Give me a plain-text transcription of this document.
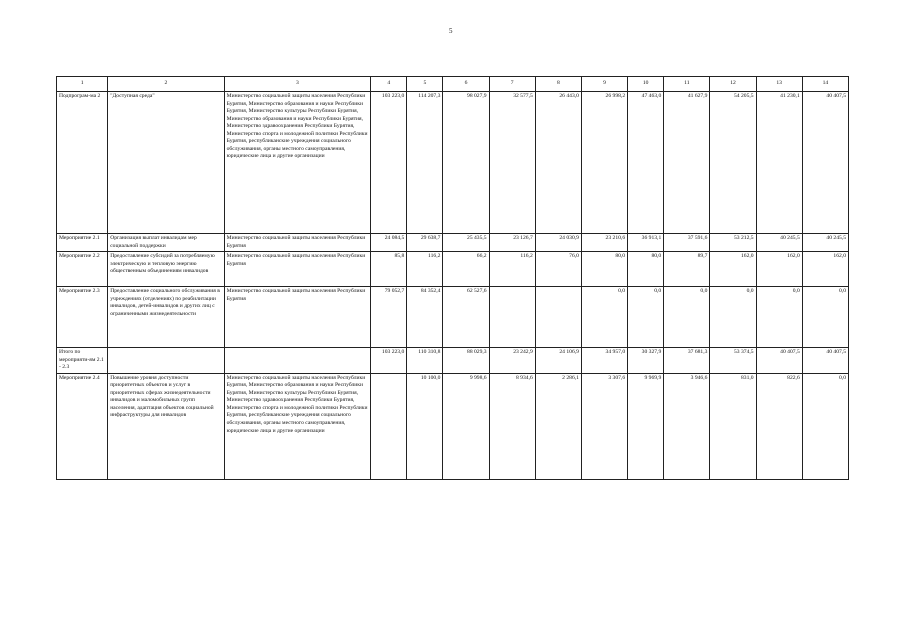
5
1	2	3	4	5	6	7	8	9	10	11	12	13	14
Подпрограм-ма 2	"Доступная среда"	Министерство социальной защиты населения Республики Бурятия, Министерство образования и науки Республики Бурятия, Министерство культуры Республики Бурятия, Министерство образования и науки Республики Бурятия, Министерство здравоохранения Республики Бурятия, Министерство спорта и молодежной политики Республики Бурятия, республиканские учреждения социального обслуживания, органы местного самоуправления, юридические лица и другие организации	103 223,0	114 207,3	98 027,9	32 577,5	26 443,0	26 998,2	47 463,0	41 627,9	54 205,5	41 230,1	40 407,5
Мероприятие 2.1	Организация выплат инвалидам мер социальной поддержки	Министерство социальной защиты населения Республики Бурятия	24 084,5	29 638,7	25 435,5	23 126,7	24 030,9	23 210,6	36 913,1	37 591,6	53 212,5	40 245,5	40 245,5
Мероприятие 2.2	Предоставление субсидий за потребляемую электрическую и тепловую энергию общественным объединениям инвалидов	Министерство социальной защиты населения Республики Бурятия	85,8	116,2	66,2	116,2	76,0	80,0	80,0	89,7	162,0	162,0	162,0
Мероприятие 2.3	Предоставление социального обслуживания в учреждениях (отделениях) по реабилитации инвалидов, детей-инвалидов и других лиц с ограниченными жизнедеятельности	Министерство социальной защиты населения Республики Бурятия	79 052,7	84 352,4	62 527,6			0,0	0,0	0,0	0,0	0,0	0,0
Итого по мероприяти-ям 2.1 - 2.3			103 223,0	110 310,8	88 029,3	23 242,9	24 106,9	34 957,0	30 327,9	37 681,3	53 374,5	40 407,5	40 407,5
Мероприятие 2.4	Повышение уровня доступности приоритетных объектов и услуг в приоритетных сферах жизнедеятельности инвалидов и маломобильных групп населения, адаптация объектов социальной инфраструктуры для инвалидов	Министерство социальной защиты населения Республики Бурятия, Министерство образования и науки Республики Бурятия, Министерство культуры Республики Бурятия, Министерство здравоохранения Республики Бурятия, Министерство спорта и молодежной политики Республики Бурятия, республиканские учреждения социального обслуживания, органы местного самоуправления, юридические лица и другие организации		10 100,0	9 998,6	8 934,6	2 286,1	3 307,6	9 969,9	3 946,6	831,0	822,6	0,0
